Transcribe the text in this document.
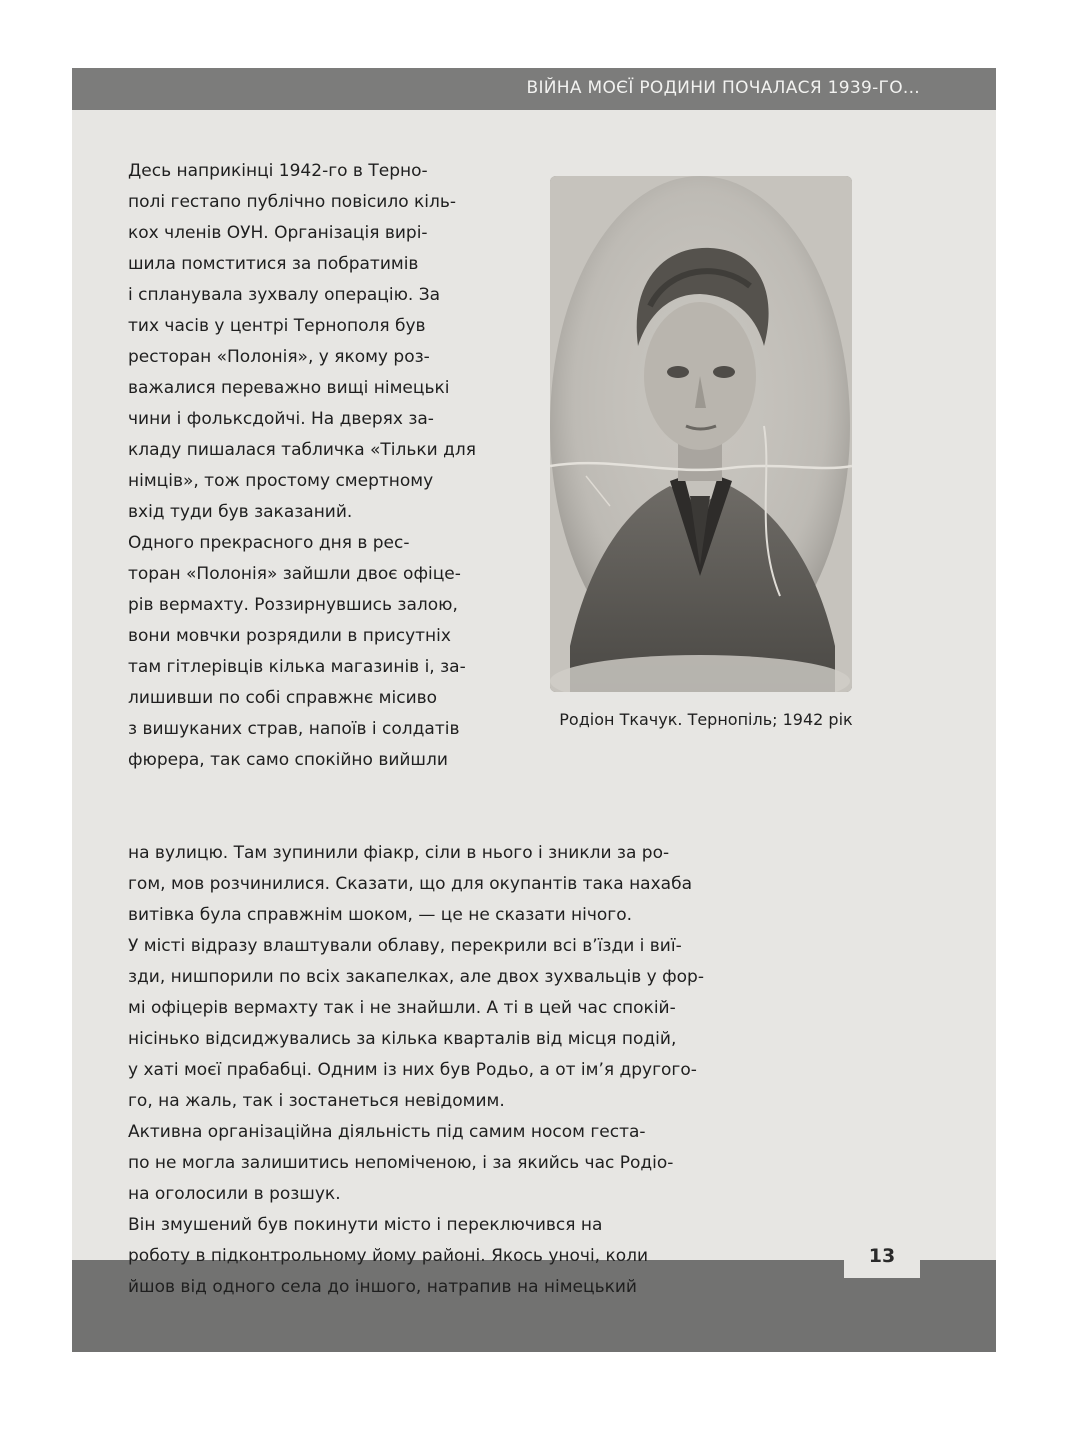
ВІЙНА МОЄЇ РОДИНИ ПОЧАЛАСЯ 1939-ГО...
13
Десь наприкінці 1942-го в Терно-
полі гестапо публічно повісило кіль-
кох членів ОУН. Організація вирі-
шила помститися за побратимів
і спланувала зухвалу операцію. За
тих часів у центрі Тернополя був
ресторан «Полонія», у якому роз-
важалися переважно вищі німецькі
чини і фольксдойчі. На дверях за-
кладу пишалася табличка «Тільки для
німців», тож простому смертному
вхід туди був заказаний.
Одного прекрасного дня в рес-
торан «Полонія» зайшли двоє офіце-
рів вермахту. Роззирнувшись залою,
вони мовчки розрядили в присутніх
там гітлерівців кілька магазинів і, за-
лишивши по собі справжнє місиво
з вишуканих страв, напоїв і солдатів
фюрера, так само спокійно вийшли
Родіон Ткачук. Тернопіль; 1942 рік
на вулицю. Там зупинили фіакр, сіли в нього і зникли за ро-
гом, мов розчинилися. Сказати, що для окупантів така нахаба
витівка була справжнім шоком, — це не сказати нічого.
У місті відразу влаштували облаву, перекрили всі в’їзди і виї-
зди, нишпорили по всіх закапелках, але двох зухвальців у фор-
мі офіцерів вермахту так і не знайшли. А ті в цей час спокій-
нісінько відсиджувались за кілька кварталів від місця подій,
у хаті моєї прабабці. Одним із них був Родьо, а от ім’я другого-
го, на жаль, так і зостанеться невідомим.
Активна організаційна діяльність під самим носом геста-
по не могла залишитись непоміченою, і за якийсь час Родіо-
на оголосили в розшук.
Він змушений був покинути місто і переключився на
роботу в підконтрольному йому районі. Якось уночі, коли
йшов від одного села до іншого, натрапив на німецький
